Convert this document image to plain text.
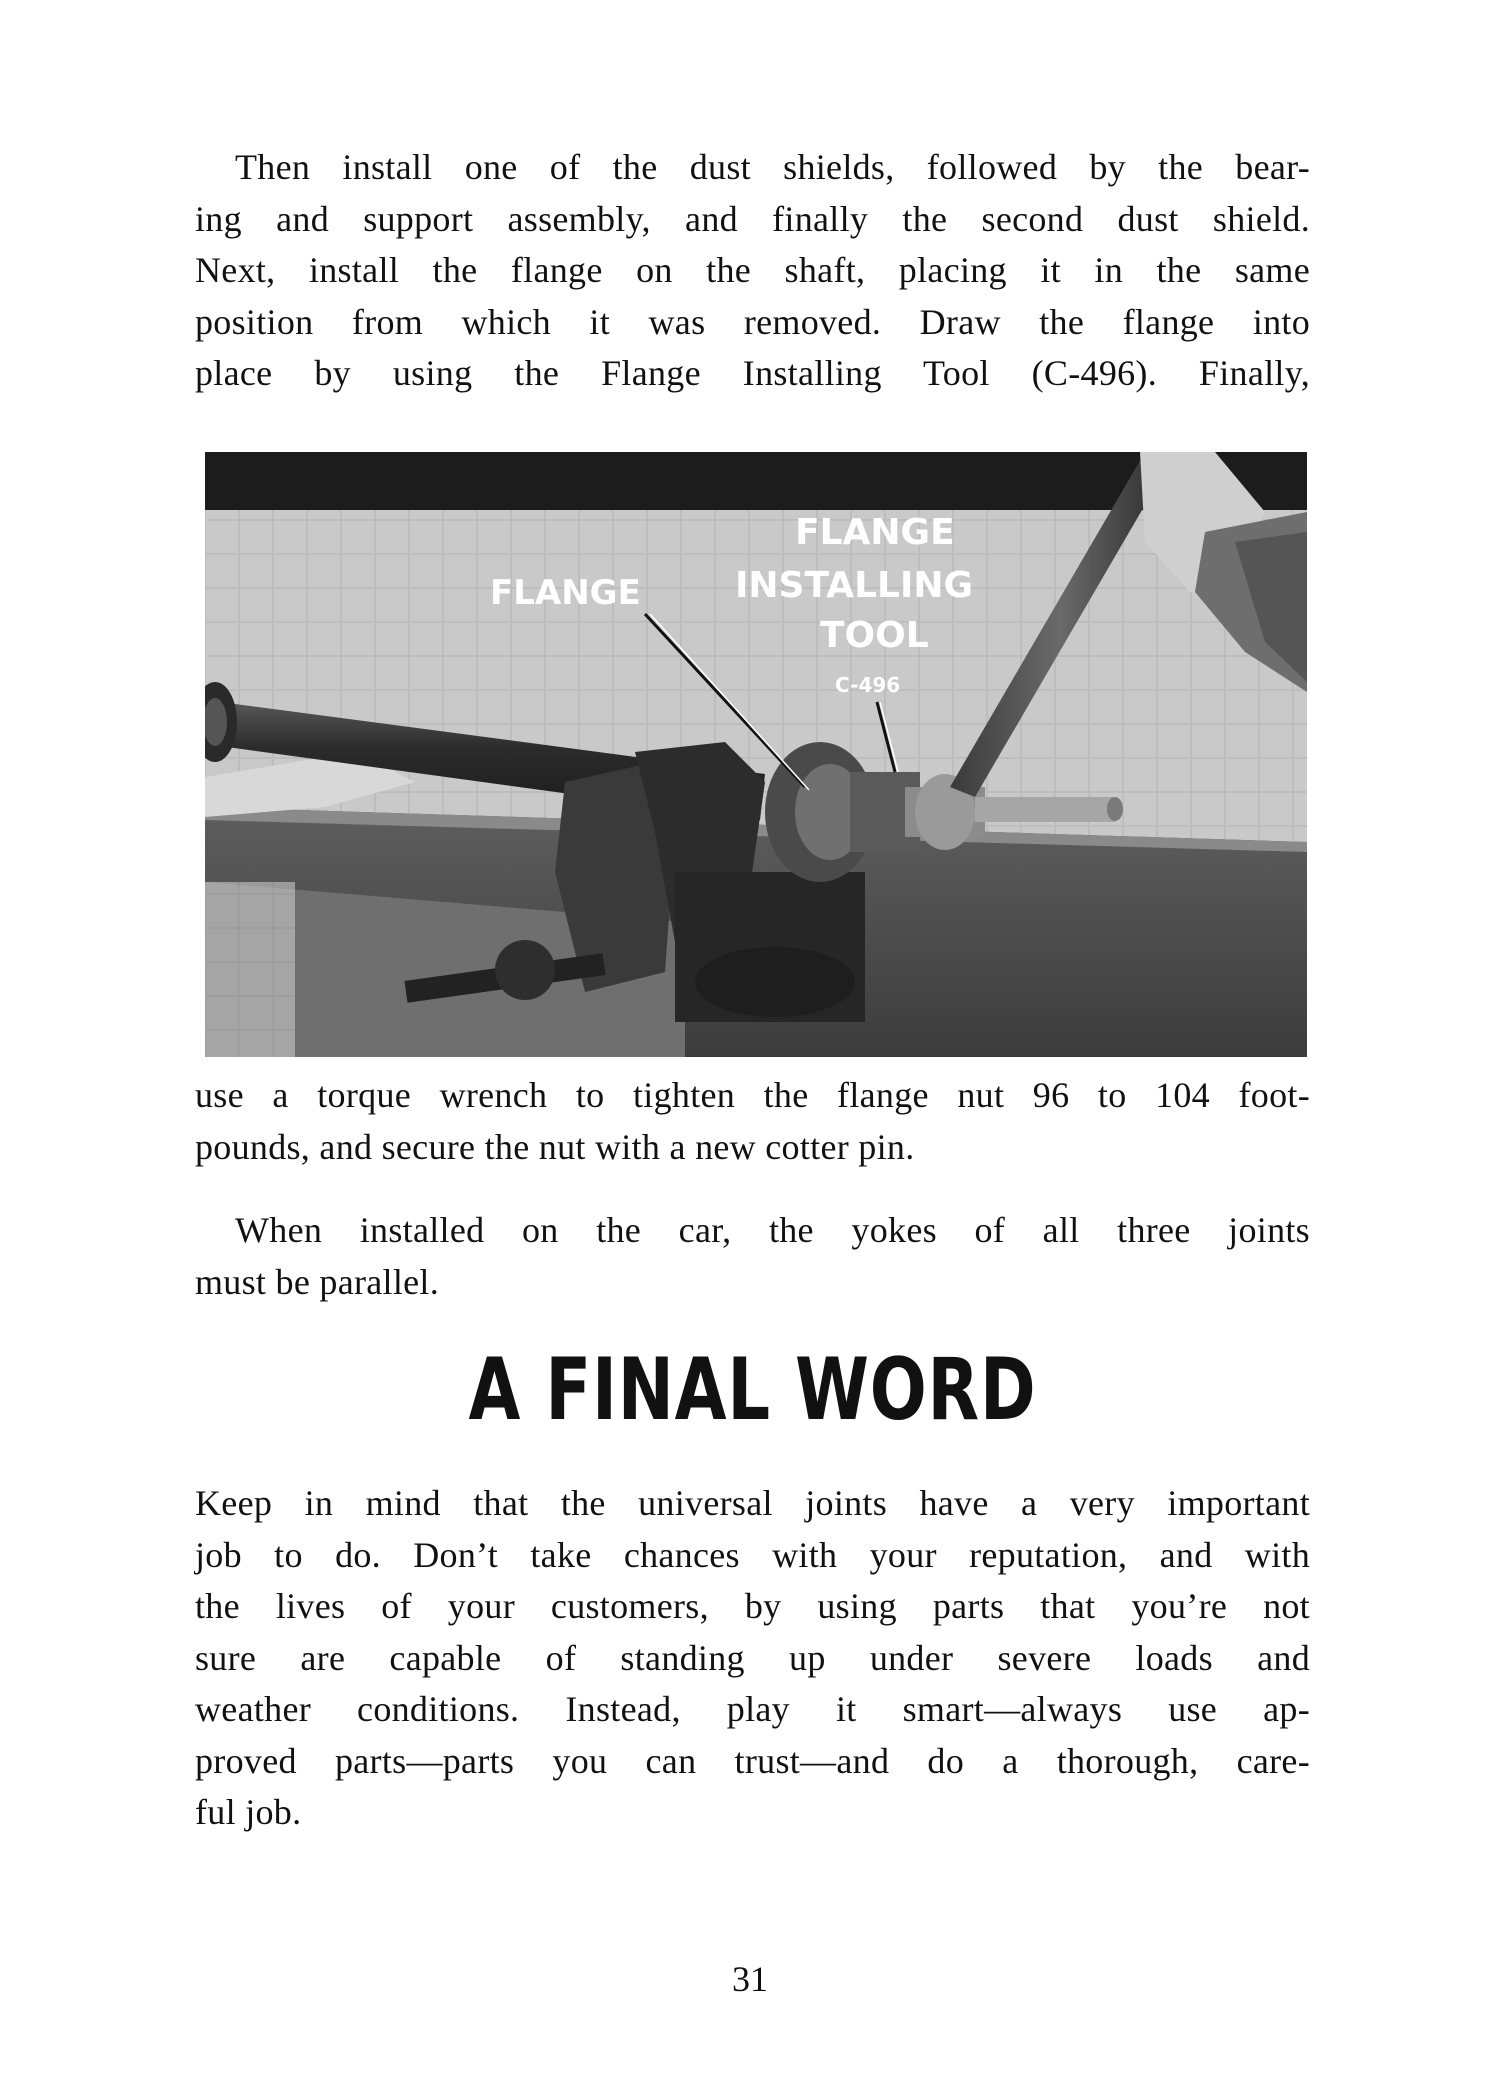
Then install one of the dust shields, followed by the bear-
ing and support assembly, and finally the second dust shield.
Next, install the flange on the shaft, placing it in the same
position from which it was removed. Draw the flange into
place by using the Flange Installing Tool (C-496). Finally,
FLANGE
FLANGE
INSTALLING
TOOL
C-496
use a torque wrench to tighten the flange nut 96 to 104 foot-
pounds, and secure the nut with a new cotter pin.
When installed on the car, the yokes of all three joints
must be parallel.
A FINAL WORD
Keep in mind that the universal joints have a very important
job to do. Don’t take chances with your reputation, and with
the lives of your customers, by using parts that you’re not
sure are capable of standing up under severe loads and
weather conditions. Instead, play it smart—always use ap-
proved parts—parts you can trust—and do a thorough, care-
ful job.

31
